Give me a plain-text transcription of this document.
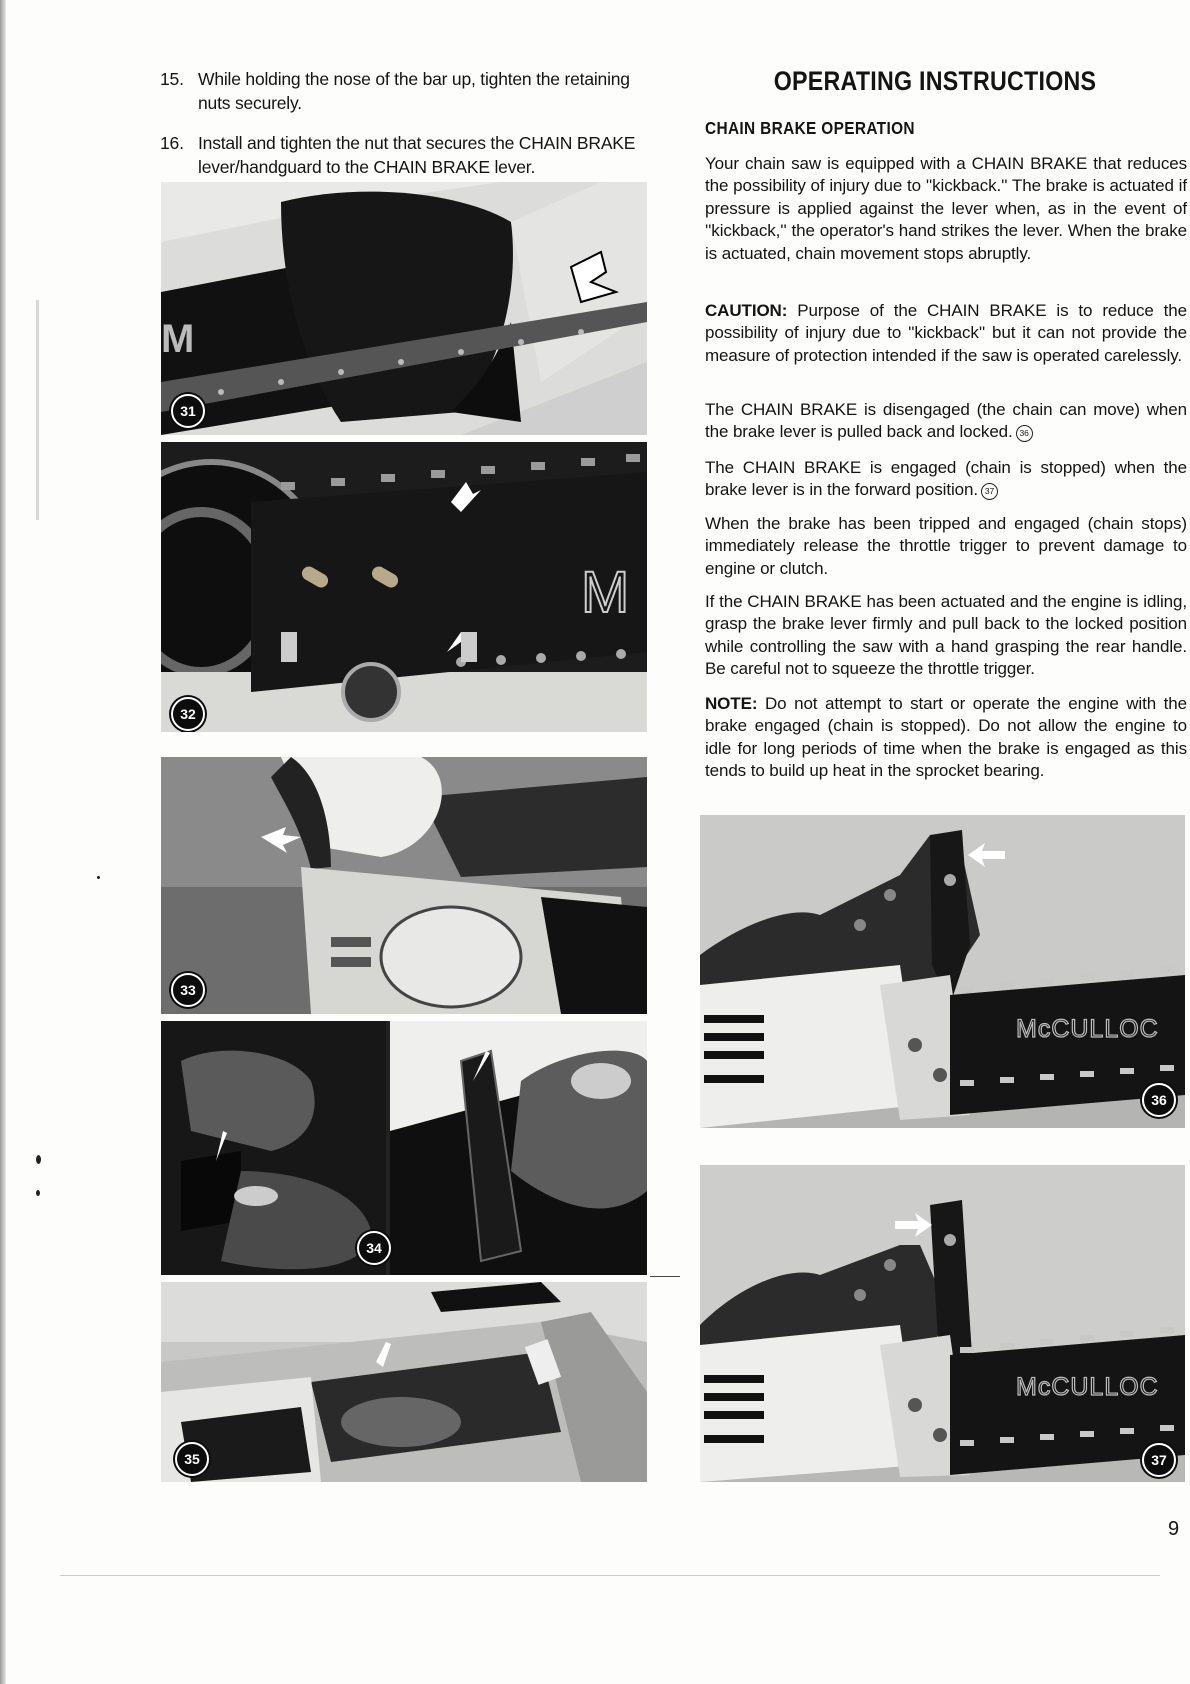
15. While holding the nose of the bar up, tighten the retaining nuts securely.
16. Install and tighten the nut that secures the CHAIN BRAKE lever/handguard to the CHAIN BRAKE lever.
M
31
M
32
33
34
35
OPERATING INSTRUCTIONS
CHAIN BRAKE OPERATION
Your chain saw is equipped with a CHAIN BRAKE that reduces the possibility of injury due to ''kickback.'' The brake is actuated if pressure is applied against the lever when, as in the event of ''kickback,'' the operator's hand strikes the lever. When the brake is actuated, chain movement stops abruptly.
CAUTION: Purpose of the CHAIN BRAKE is to reduce the possibility of injury due to ''kickback'' but it can not provide the measure of protection intended if the saw is operated carelessly.
The CHAIN BRAKE is disengaged (the chain can move) when the brake lever is pulled back and locked. 36
The CHAIN BRAKE is engaged (chain is stopped) when the brake lever is in the forward position. 37
When the brake has been tripped and engaged (chain stops) immediately release the throttle trigger to prevent damage to engine or clutch.
If the CHAIN BRAKE has been actuated and the engine is idling, grasp the brake lever firmly and pull back to the locked position while controlling the saw with a hand grasping the rear handle. Be careful not to squeeze the throttle trigger.
NOTE: Do not attempt to start or operate the engine with the brake engaged (chain is stopped). Do not allow the engine to idle for long periods of time when the brake is engaged as this tends to build up heat in the sprocket bearing.
McCULLOC
36
McCULLOC
37
9
